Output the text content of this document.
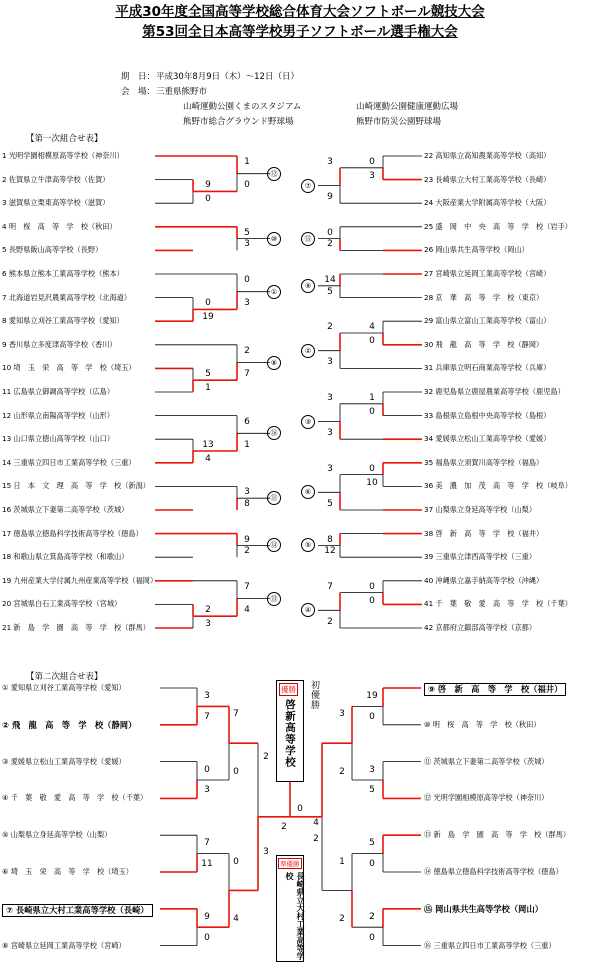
平成30年度全国高等学校総合体育大会ソフトボール競技大会
第53回全日本高等学校男子ソフトボール選手権大会
期　日： 平成30年8月9日（木）～12日（日）
会　場： 三重県熊野市
山崎運動公園くまのスタジアム	山崎運動公園健康運動広場
熊野市総合グラウンド野球場	熊野市防災公園野球場
【第一次組合せ表】
【第二次組合せ表】
1 光明学園相模原高等学校（神奈川）
2 佐賀県立牛津高等学校（佐賀）
3 滋賀県立栗東高等学校（滋賀）
4 明　桜　高　等　学　校（秋田）
5 長野県飯山高等学校（長野）
6 熊本県立熊本工業高等学校（熊本）
7 北海道岩見沢農業高等学校（北海道）
8 愛知県立刈谷工業高等学校（愛知）
9 香川県立多度津高等学校（香川）
10 埼　玉　栄　高　等　学　校（埼玉）
11 広島県立御調高等学校（広島）
12 山形県立南陽高等学校（山形）
13 山口県立徳山高等学校（山口）
14 三重県立四日市工業高等学校（三重）
15 日　本　文　理　高　等　学　校（新潟）
16 茨城県立下妻第二高等学校（茨城）
17 徳島県立徳島科学技術高等学校（徳島）
18 和歌山県立箕島高等学校（和歌山）
19 九州産業大学付属九州産業高等学校（福岡）
20 宮城県白石工業高等学校（宮城）
21 新　島　学　園　高　等　学　校（群馬）
22 高知県立高知農業高等学校（高知）
23 長崎県立大村工業高等学校（長崎）
24 大阪産業大学附属高等学校（大阪）
25 盛　岡　中　央　高　等　学　校（岩手）
26 岡山県共生高等学校（岡山）
27 宮崎県立延岡工業高等学校（宮崎）
28 京　華　高　等　学　校（東京）
29 富山県立富山工業高等学校（富山）
30 飛　龍　高　等　学　校（静岡）
31 兵庫県立明石商業高等学校（兵庫）
32 鹿児島県立鹿屋農業高等学校（鹿児島）
33 島根県立島根中央高等学校（島根）
34 愛媛県立松山工業高等学校（愛媛）
35 福島県立須賀川高等学校（福島）
36 美　濃　加　茂　高　等　学　校（岐阜）
37 山梨県立身延高等学校（山梨）
38 啓　新　高　等　学　校（福井）
39 三重県立津西高等学校（三重）
40 沖縄県立嘉手納高等学校（沖縄）
41 千　葉　敬　愛　高　等　学　校（千葉）
42 京都府立鎮部高等学校（京都）
① 愛知県立刈谷工業高等学校（愛知）
② 飛　龍　高　等　学　校（静岡）
③ 愛媛県立松山工業高等学校（愛媛）
④ 千　葉　敬　愛　高　等　学　校（千葉）
⑤ 山梨県立身延高等学校（山梨）
⑥ 埼　玉　栄　高　等　学　校（埼玉）
⑦ 長崎県立大村工業高等学校（長崎）
⑧ 宮崎県立延岡工業高等学校（宮崎）
⑨ 啓　新　高　等　学　校（福井）
⑩ 明　桜　高　等　学　校（秋田）
⑪ 茨城県立下妻第二高等学校（茨城）
⑫ 光明学園相模原高等学校（神奈川）
⑬ 新　島　学　園　高　等　学　校（群馬）
⑭ 徳島県立徳島科学技術高等学校（徳島）
⑮ 岡山県共生高等学校（岡山）
⑯ 三重県立四日市工業高等学校（三重）
1
0
9
0
⑫
5
3
⑩
0
3
0
19
①
2
7
5
1
⑧
6
1
13
4
⑯
3
8
⑪
9
2
⑭
7
4
2
3
⑬
0
3
3
9
⑦
0
2
⑮
14
5
⑨
4
0
2
3
②
1
0
3
3
③
0
10
3
5
⑥
8
12
⑤
0
0
7
2
④
3
7
0
3
7
11
9
0
7
0
0
4
2
3
19
0
3
5
5
0
2
0
3
2
1
2
0
2	4
2
優勝
啓新高等学校
初優勝
準優勝
長崎県立大村工業高等学校
